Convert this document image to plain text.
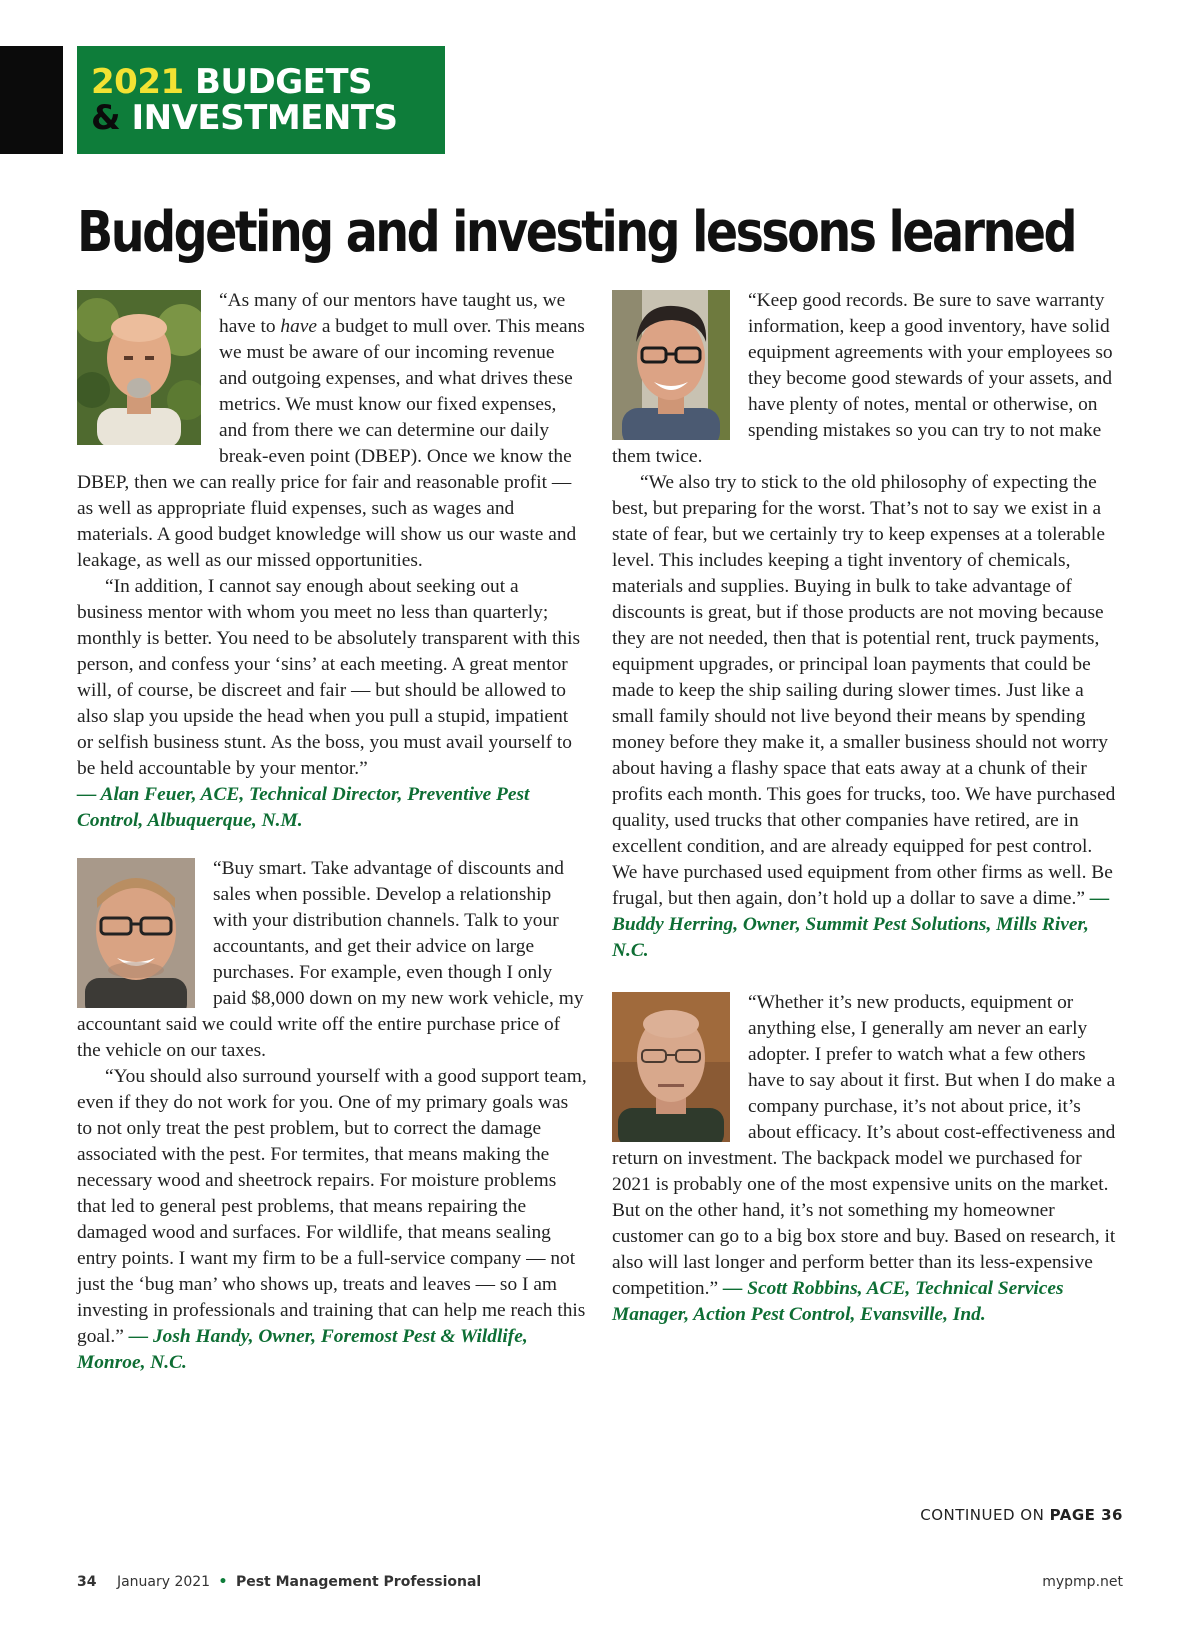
2021 BUDGETS
& INVESTMENTS
Budgeting and investing lessons learned

“As many of our mentors have taught us, we have to have a budget to mull over. This means we must be aware of our incoming revenue and outgoing expenses, and what drives these metrics. We must know our fixed expenses, and from there we can determine our daily break-even point (DBEP). Once we know the DBEP, then we can really price for fair and reasonable profit — as well as appropriate fluid expenses, such as wages and materials. A good budget knowledge will show us our waste and leakage, as well as our missed opportunities.

“In addition, I cannot say enough about seeking out a business mentor with whom you meet no less than quarterly; monthly is better. You need to be absolutely transparent with this person, and confess your ‘sins’ at each meeting. A great mentor will, of course, be discreet and fair — but should be allowed to also slap you upside the head when you pull a stupid, impatient or selfish business stunt. As the boss, you must avail yourself to be held accountable by your mentor.”

— Alan Feuer, ACE, Technical Director, Preventive Pest Control, Albuquerque, N.M.

“Buy smart. Take advantage of discounts and sales when possible. Develop a relationship with your distribution channels. Talk to your accountants, and get their advice on large purchases. For example, even though I only paid $8,000 down on my new work vehicle, my accountant said we could write off the entire purchase price of the vehicle on our taxes.

“You should also surround yourself with a good support team, even if they do not work for you. One of my primary goals was to not only treat the pest problem, but to correct the damage associated with the pest. For termites, that means making the necessary wood and sheetrock repairs. For moisture problems that led to general pest problems, that means repairing the damaged wood and surfaces. For wildlife, that means sealing entry points. I want my firm to be a full-service company — not just the ‘bug man’ who shows up, treats and leaves — so I am investing in professionals and training that can help me reach this goal.” — Josh Handy, Owner, Foremost Pest & Wildlife, Monroe, N.C.

“Keep good records. Be sure to save warranty information, keep a good inventory, have solid equipment agreements with your employees so they become good stewards of your assets, and have plenty of notes, mental or otherwise, on spending mistakes so you can try to not make them twice.

“We also try to stick to the old philosophy of expecting the best, but preparing for the worst. That’s not to say we exist in a state of fear, but we certainly try to keep expenses at a tolerable level. This includes keeping a tight inventory of chemicals, materials and supplies. Buying in bulk to take advantage of discounts is great, but if those products are not moving because they are not needed, then that is potential rent, truck payments, equipment upgrades, or principal loan payments that could be made to keep the ship sailing during slower times. Just like a small family should not live beyond their means by spending money before they make it, a smaller business should not worry about having a flashy space that eats away at a chunk of their profits each month. This goes for trucks, too. We have purchased quality, used trucks that other companies have retired, are in excellent condition, and are already equipped for pest control. We have purchased used equipment from other firms as well. Be frugal, but then again, don’t hold up a dollar to save a dime.” — Buddy Herring, Owner, Summit Pest Solutions, Mills River, N.C.

“Whether it’s new products, equipment or anything else, I generally am never an early adopter. I prefer to watch what a few others have to say about it first. But when I do make a company purchase, it’s not about price, it’s about efficacy. It’s about cost-effectiveness and return on investment. The backpack model we purchased for 2021 is probably one of the most expensive units on the market. But on the other hand, it’s not something my homeowner customer can go to a big box store and buy. Based on research, it also will last longer and perform better than its less-expensive competition.” — Scott Robbins, ACE, Technical Services Manager, Action Pest Control, Evansville, Ind.

CONTINUED ON PAGE 36
34 January 2021 • Pest Management Professional	mypmp.net
